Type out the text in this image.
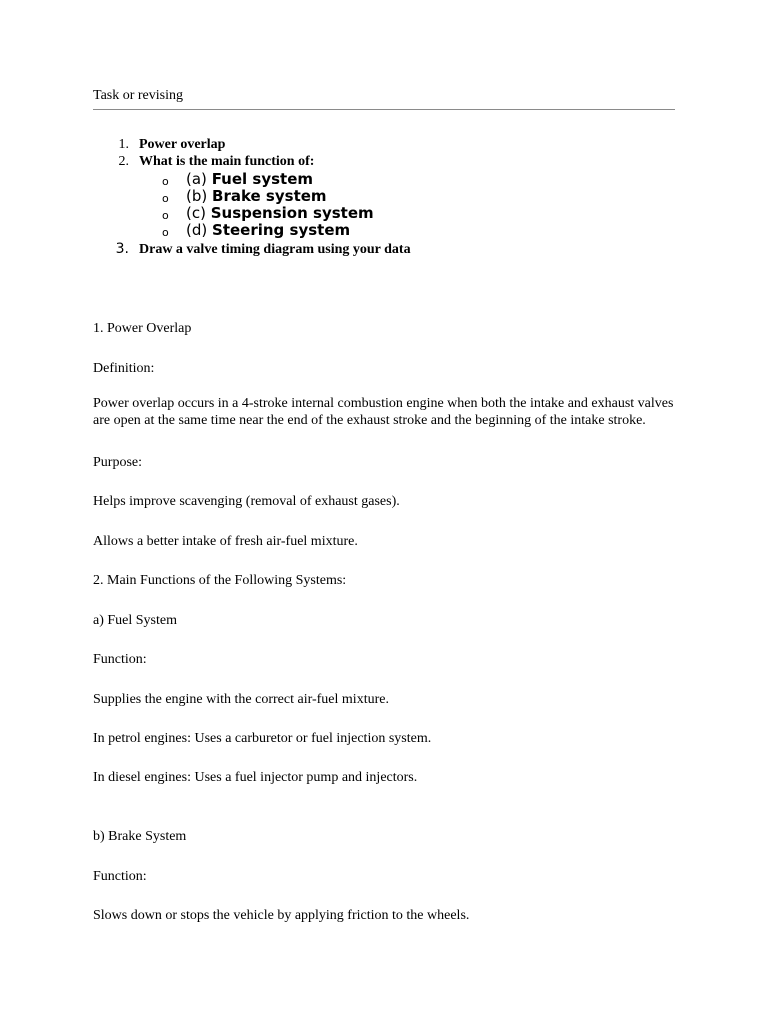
Task or revising

1. Power overlap
2. What is the main function of:
o (a) Fuel system
o (b) Brake system
o (c) Suspension system
o (d) Steering system
3. Draw a valve timing diagram using your data

1. Power Overlap

Definition:

Power overlap occurs in a 4-stroke internal combustion engine when both the intake and exhaust valves are open at the same time near the end of the exhaust stroke and the beginning of the intake stroke.

Purpose:

Helps improve scavenging (removal of exhaust gases).

Allows a better intake of fresh air-fuel mixture.

2. Main Functions of the Following Systems:

a) Fuel System

Function:

Supplies the engine with the correct air-fuel mixture.

In petrol engines: Uses a carburetor or fuel injection system.

In diesel engines: Uses a fuel injector pump and injectors.

b) Brake System

Function:

Slows down or stops the vehicle by applying friction to the wheels.
